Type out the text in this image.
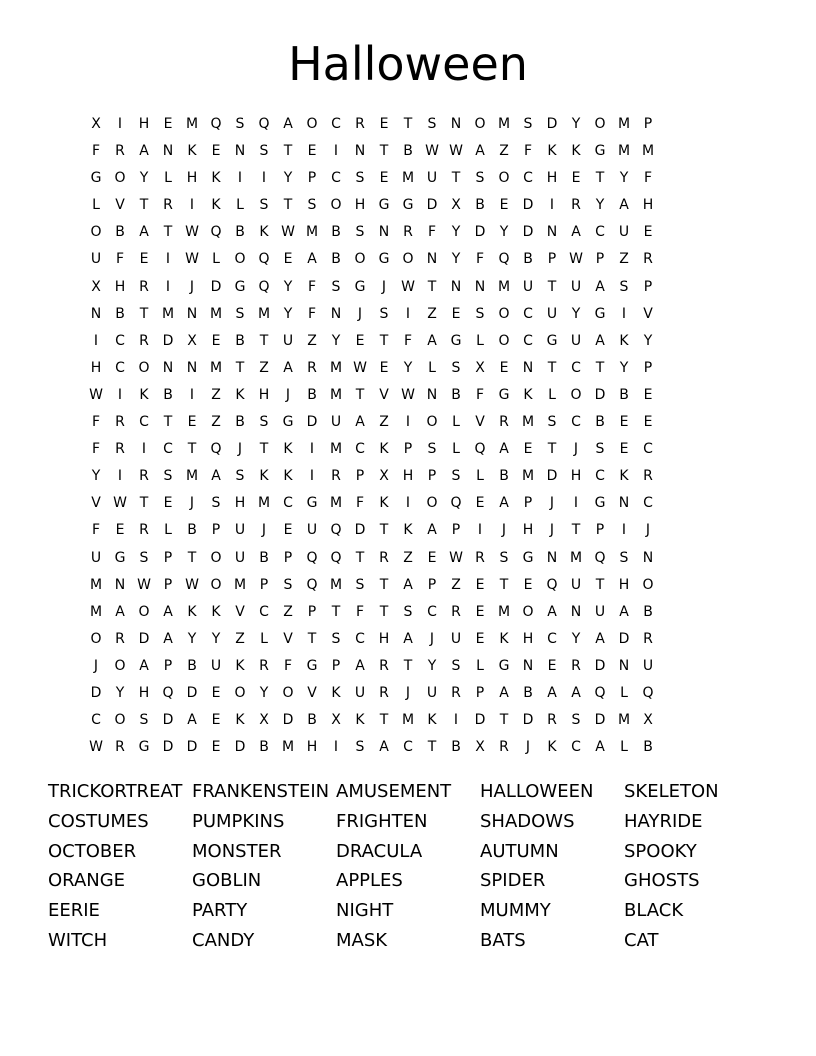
Halloween
X	I	H	E M Q	S	Q A O C	R	E	T	S	N O M S	D	Y	O M P
F	R	A N	K	E	N	S	T	E	I	N	T	B W W A	Z	F	K	K G M M
G O	Y	L	H	K	I	I	Y	P	C	S	E M U	T	S	O C H	E	T	Y	F
L	V	T	R	I	K	L	S	T	S	O H G G D X	B	E	D	I	R	Y	A H
O B	A	T W Q B	K W M B	S	N R	F	Y	D	Y	D N A	C U	E
U	F	E	I	W L	O Q	E	A	B O G O N	Y	F	Q B	P W P	Z	R
X H R	I	J	D G Q	Y	F	S	G	J	W T	N N M U	T	U	A	S	P
N B	T M N M S M Y	F	N	J	S	I	Z	E	S	O C U	Y	G	I	V
I	C	R D X	E	B	T	U	Z	Y	E	T	F	A G	L	O C G U	A	K	Y
H C O N N M T	Z	A	R M W E	Y	L	S	X	E	N	T	C	T	Y	P
W	I	K	B	I	Z	K	H	J	B M T	V W N B	F	G K	L	O D B	E
F	R	C	T	E	Z	B	S	G D U	A	Z	I	O	L	V	R M S	C	B	E	E
F	R	I	C	T	Q	J	T	K	I	M C	K	P	S	L	Q A	E	T	J	S	E	C
Y	I	R	S M A	S	K	K	I	R	P	X H	P	S	L	B M D H C	K	R
V W T	E	J	S	H M C G M F	K	I	O Q	E	A	P	J	I	G N C
F	E	R	L	B	P	U	J	E	U Q D	T	K	A	P	I	J	H	J	T	P	I	J
U G	S	P	T	O U	B	P	Q Q	T	R	Z	E W R	S	G N M Q	S	N
M N W P W O M P	S	Q M S	T	A	P	Z	E	T	E	Q U	T	H O
M A O A	K	K	V	C	Z	P	T	F	T	S	C	R	E M O A N U	A	B
O R D A	Y	Y	Z	L	V	T	S	C H A	J	U	E	K	H C	Y	A D R
J	O A	P	B	U	K	R	F	G	P	A	R	T	Y	S	L	G N	E	R D N U
D	Y	H Q D	E	O	Y	O V	K	U	R	J	U	R	P	A	B	A	A Q	L	Q
C O	S	D A	E	K	X D B	X	K	T M K	I	D	T	D R	S	D M X
W R G D D	E	D B M H	I	S	A	C	T	B	X	R	J	K	C	A	L	B
TRICKORTREAT FRANKENSTEIN AMUSEMENT	HALLOWEEN	SKELETON
COSTUMES	PUMPKINS	FRIGHTEN	SHADOWS	HAYRIDE
OCTOBER	MONSTER	DRACULA	AUTUMN	SPOOKY
ORANGE	GOBLIN	APPLES	SPIDER	GHOSTS
EERIE	PARTY	NIGHT	MUMMY	BLACK
WITCH	CANDY	MASK	BATS	CAT
